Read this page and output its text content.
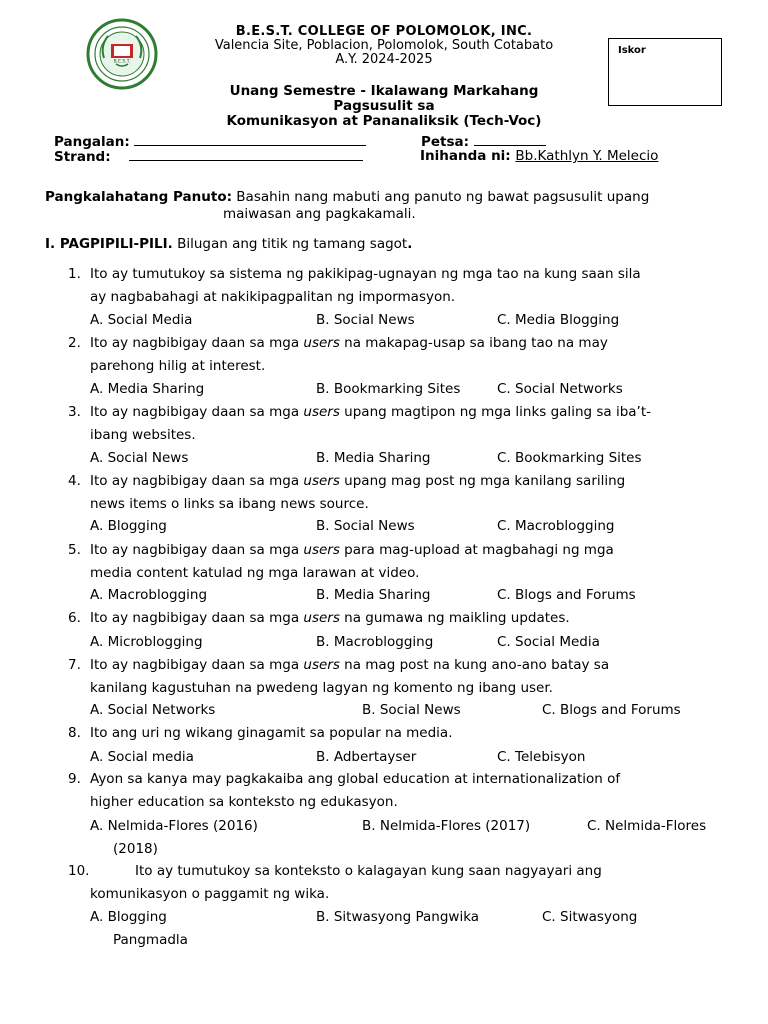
B.E.S.T.
B.E.S.T. COLLEGE OF POLOMOLOK, INC.
Valencia Site, Poblacion, Polomolok, South Cotabato
A.Y. 2024-2025
Iskor
Unang Semestre - Ikalawang Markahang
Pagsusulit sa
Komunikasyon at Pananaliksik (Tech-Voc)
Pangalan:	Petsa:
Strand:	Inihanda ni: Bb.Kathlyn Y. Melecio
Pangkalahatang Panuto: Basahin nang mabuti ang panuto ng bawat pagsusulit upang
maiwasan ang pagkakamali.
I. PAGPIPILI-PILI. Bilugan ang titik ng tamang sagot.
1. Ito ay tumutukoy sa sistema ng pakikipag-ugnayan ng mga tao na kung saan sila
ay nagbabahagi at nakikipagpalitan ng impormasyon.
A. Social Media	B. Social News	C. Media Blogging
2. Ito ay nagbibigay daan sa mga users na makapag-usap sa ibang tao na may
parehong hilig at interest.
A. Media Sharing	B. Bookmarking Sites	C. Social Networks
3. Ito ay nagbibigay daan sa mga users upang magtipon ng mga links galing sa iba’t-
ibang websites.
A. Social News	B. Media Sharing	C. Bookmarking Sites
4. Ito ay nagbibigay daan sa mga users upang mag post ng mga kanilang sariling
news items o links sa ibang news source.
A. Blogging	B. Social News	C. Macroblogging
5. Ito ay nagbibigay daan sa mga users para mag-upload at magbahagi ng mga
media content katulad ng mga larawan at video.
A. Macroblogging	B. Media Sharing	C. Blogs and Forums
6. Ito ay nagbibigay daan sa mga users na gumawa ng maikling updates.
A. Microblogging	B. Macroblogging	C. Social Media
7. Ito ay nagbibigay daan sa mga users na mag post na kung ano-ano batay sa
kanilang kagustuhan na pwedeng lagyan ng komento ng ibang user.
A. Social Networks	B. Social News	C. Blogs and Forums
8. Ito ang uri ng wikang ginagamit sa popular na media.
A. Social media	B. Adbertayser	C. Telebisyon
9. Ayon sa kanya may pagkakaiba ang global education at internationalization of
higher education sa konteksto ng edukasyon.
A. Nelmida-Flores (2016)	B. Nelmida-Flores (2017)	C. Nelmida-Flores
(2018)
10.	Ito ay tumutukoy sa konteksto o kalagayan kung saan nagyayari ang
komunikasyon o paggamit ng wika.
A. Blogging	B. Sitwasyong Pangwika	C. Sitwasyong
Pangmadla
